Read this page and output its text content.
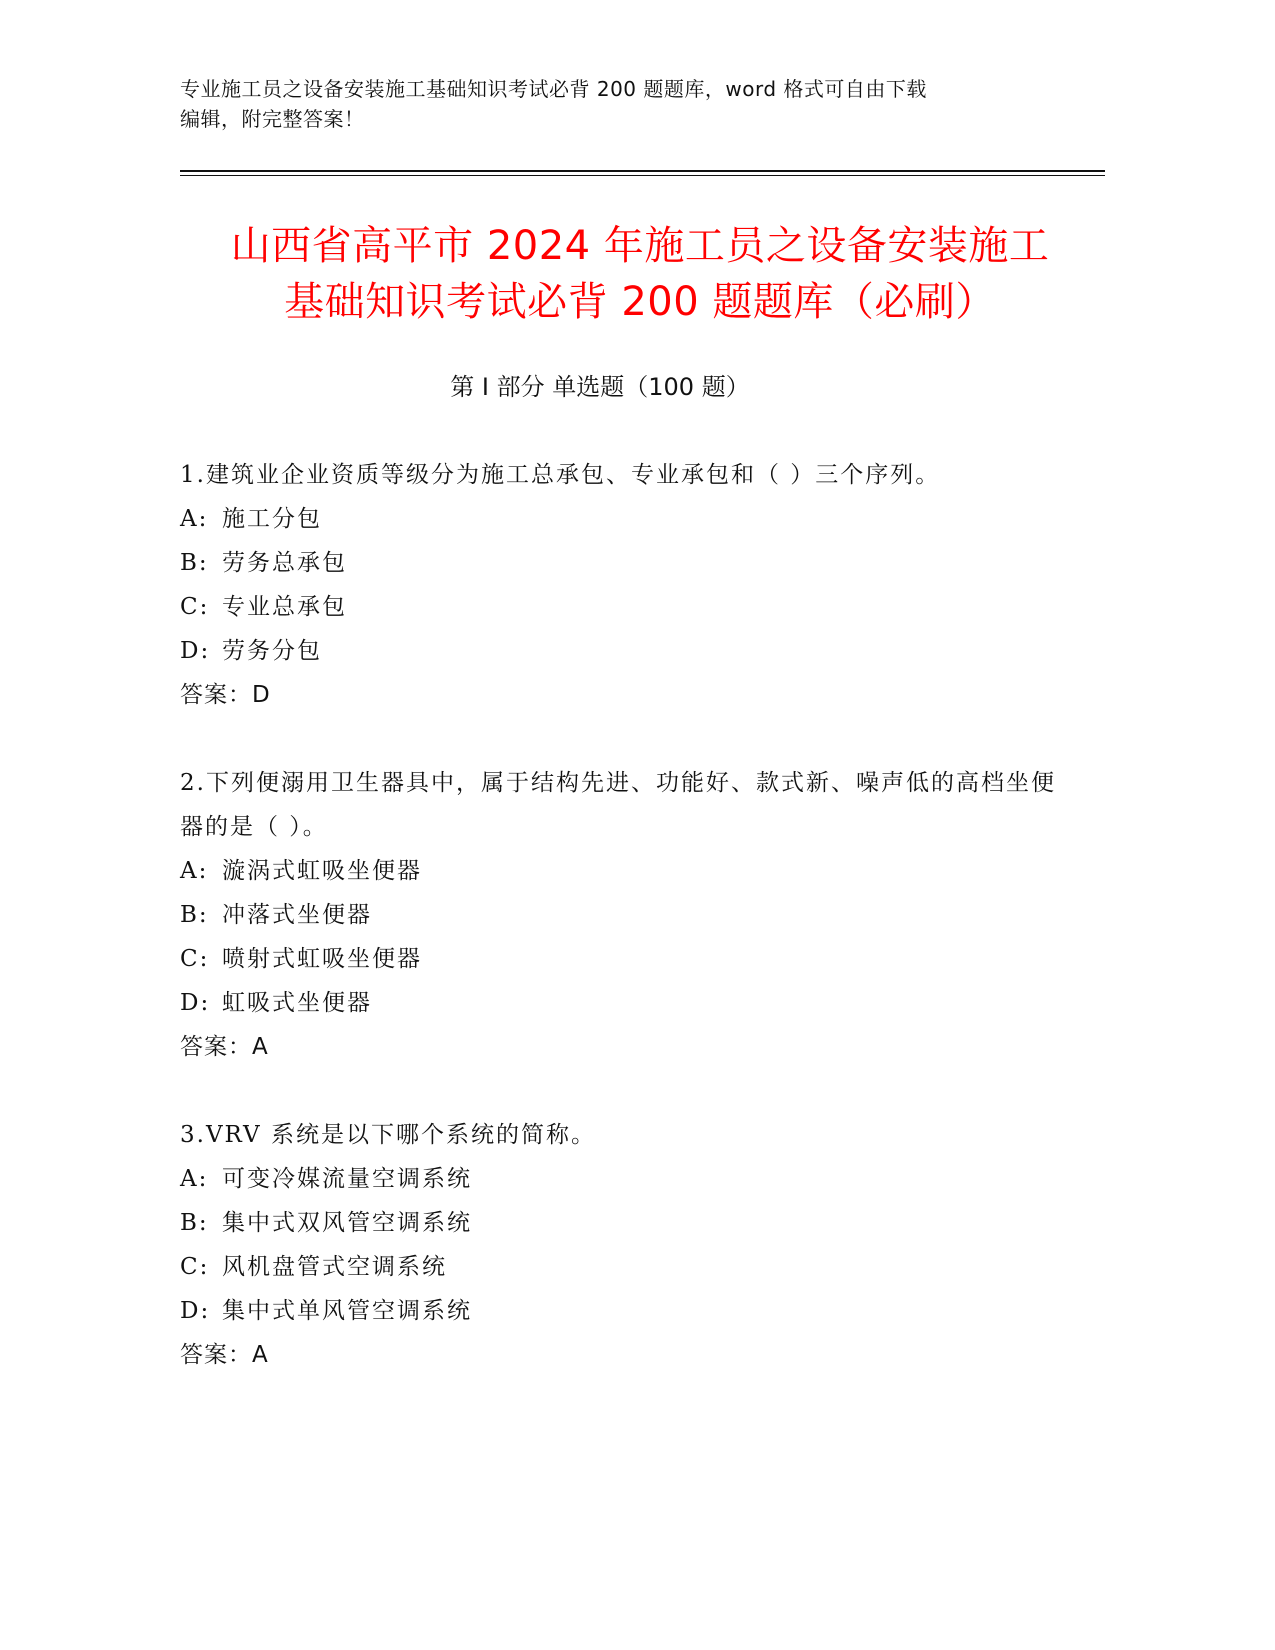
专业施工员之设备安装施工基础知识考试必背 200 题题库，word 格式可自由下载
编辑，附完整答案！
山西省高平市 2024 年施工员之设备安装施工
基础知识考试必背 200 题题库（必刷）
第 I 部分 单选题（100 题）
1.建筑业企业资质等级分为施工总承包、专业承包和（ ）三个序列。
A: 施工分包
B: 劳务总承包
C: 专业总承包
D: 劳务分包
答案：D
2.下列便溺用卫生器具中，属于结构先进、功能好、款式新、噪声低的高档坐便器的是（ ）。
A: 漩涡式虹吸坐便器
B: 冲落式坐便器
C: 喷射式虹吸坐便器
D: 虹吸式坐便器
答案：A
3.VRV 系统是以下哪个系统的简称。
A: 可变冷媒流量空调系统
B: 集中式双风管空调系统
C: 风机盘管式空调系统
D: 集中式单风管空调系统
答案：A
